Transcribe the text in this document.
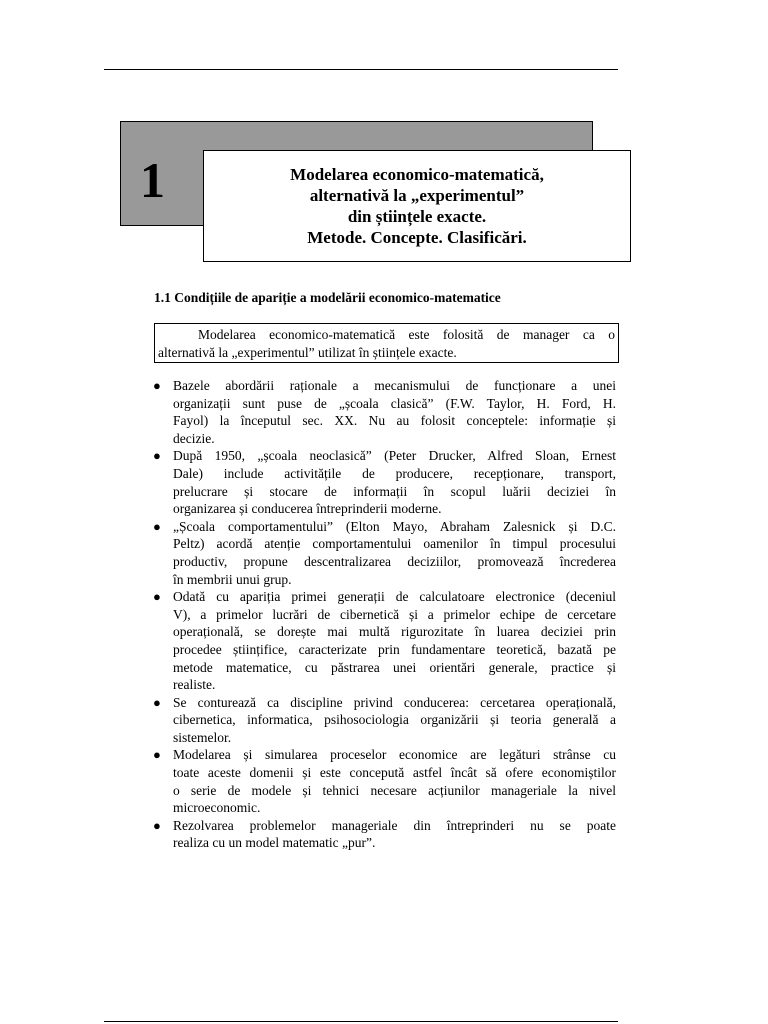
1	Modelarea economico-matematică,
alternativă la „experimentul”
din științele exacte.
Metode. Concepte. Clasificări.
1.1 Condițiile de apariție a modelării economico-matematice
Modelarea economico-matematică este folosită de manager ca o
alternativă la „experimentul” utilizat în științele exacte.
● Bazele abordării raționale a mecanismului de funcționare a unei
organizații sunt puse de „școala clasică” (F.W. Taylor, H. Ford, H.
Fayol) la începutul sec. XX. Nu au folosit conceptele: informație și
decizie.
● După 1950, „școala neoclasică” (Peter Drucker, Alfred Sloan, Ernest
Dale) include activitățile de producere, recepționare, transport,
prelucrare și stocare de informații în scopul luării deciziei în
organizarea și conducerea întreprinderii moderne.
● „Școala comportamentului” (Elton Mayo, Abraham Zalesnick și D.C.
Peltz) acordă atenție comportamentului oamenilor în timpul procesului
productiv, propune descentralizarea deciziilor, promovează încrederea
în membrii unui grup.
● Odată cu apariția primei generații de calculatoare electronice (deceniul
V), a primelor lucrări de cibernetică și a primelor echipe de cercetare
operațională, se dorește mai multă rigurozitate în luarea deciziei prin
procedee științifice, caracterizate prin fundamentare teoretică, bazată pe
metode matematice, cu păstrarea unei orientări generale, practice și
realiste.
● Se conturează ca discipline privind conducerea: cercetarea operațională,
cibernetica, informatica, psihosociologia organizării și teoria generală a
sistemelor.
● Modelarea și simularea proceselor economice are legături strânse cu
toate aceste domenii și este concepută astfel încât să ofere economiștilor
o serie de modele și tehnici necesare acțiunilor manageriale la nivel
microeconomic.
● Rezolvarea problemelor manageriale din întreprinderi nu se poate
realiza cu un model matematic „pur”.
